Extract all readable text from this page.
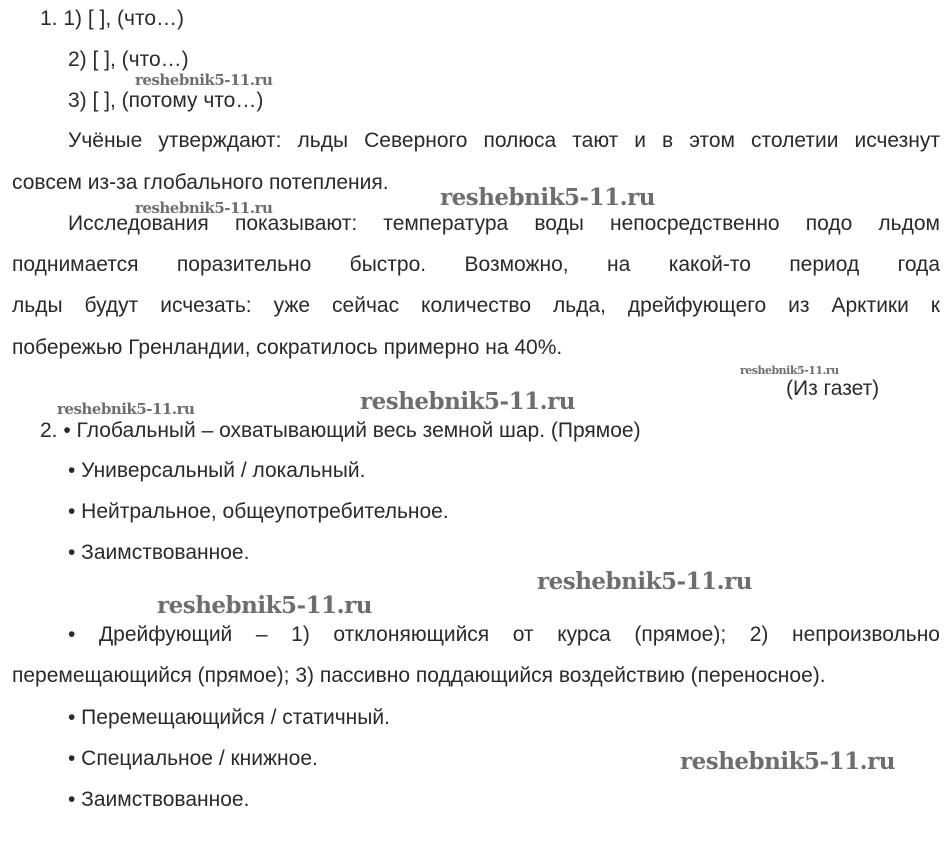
1. 1) [ ], (что…)
2) [ ], (что…)
3) [ ], (потому что…)
Учёные утверждают: льды Северного полюса тают и в этом столетии исчезнут
совсем из-за глобального потепления.
Исследования показывают: температура воды непосредственно подо льдом
поднимается поразительно быстро. Возможно, на какой-то период года
льды будут исчезать: уже сейчас количество льда, дрейфующего из Арктики к
побережью Гренландии, сократилось примерно на 40%.
(Из газет)
2. • Глобальный – охватывающий весь земной шар. (Прямое)
• Универсальный / локальный.
• Нейтральное, общеупотребительное.
• Заимствованное.
• Дрейфующий – 1) отклоняющийся от курса (прямое); 2) непроизвольно
перемещающийся (прямое); 3) пассивно поддающийся воздействию (переносное).
• Перемещающийся / статичный.
• Специальное / книжное.
• Заимствованное.
reshebnik5-11.ru
reshebnik5-11.ru
reshebnik5-11.ru
reshebnik5-11.ru
reshebnik5-11.ru
reshebnik5-11.ru
reshebnik5-11.ru
reshebnik5-11.ru
reshebnik5-11.ru
